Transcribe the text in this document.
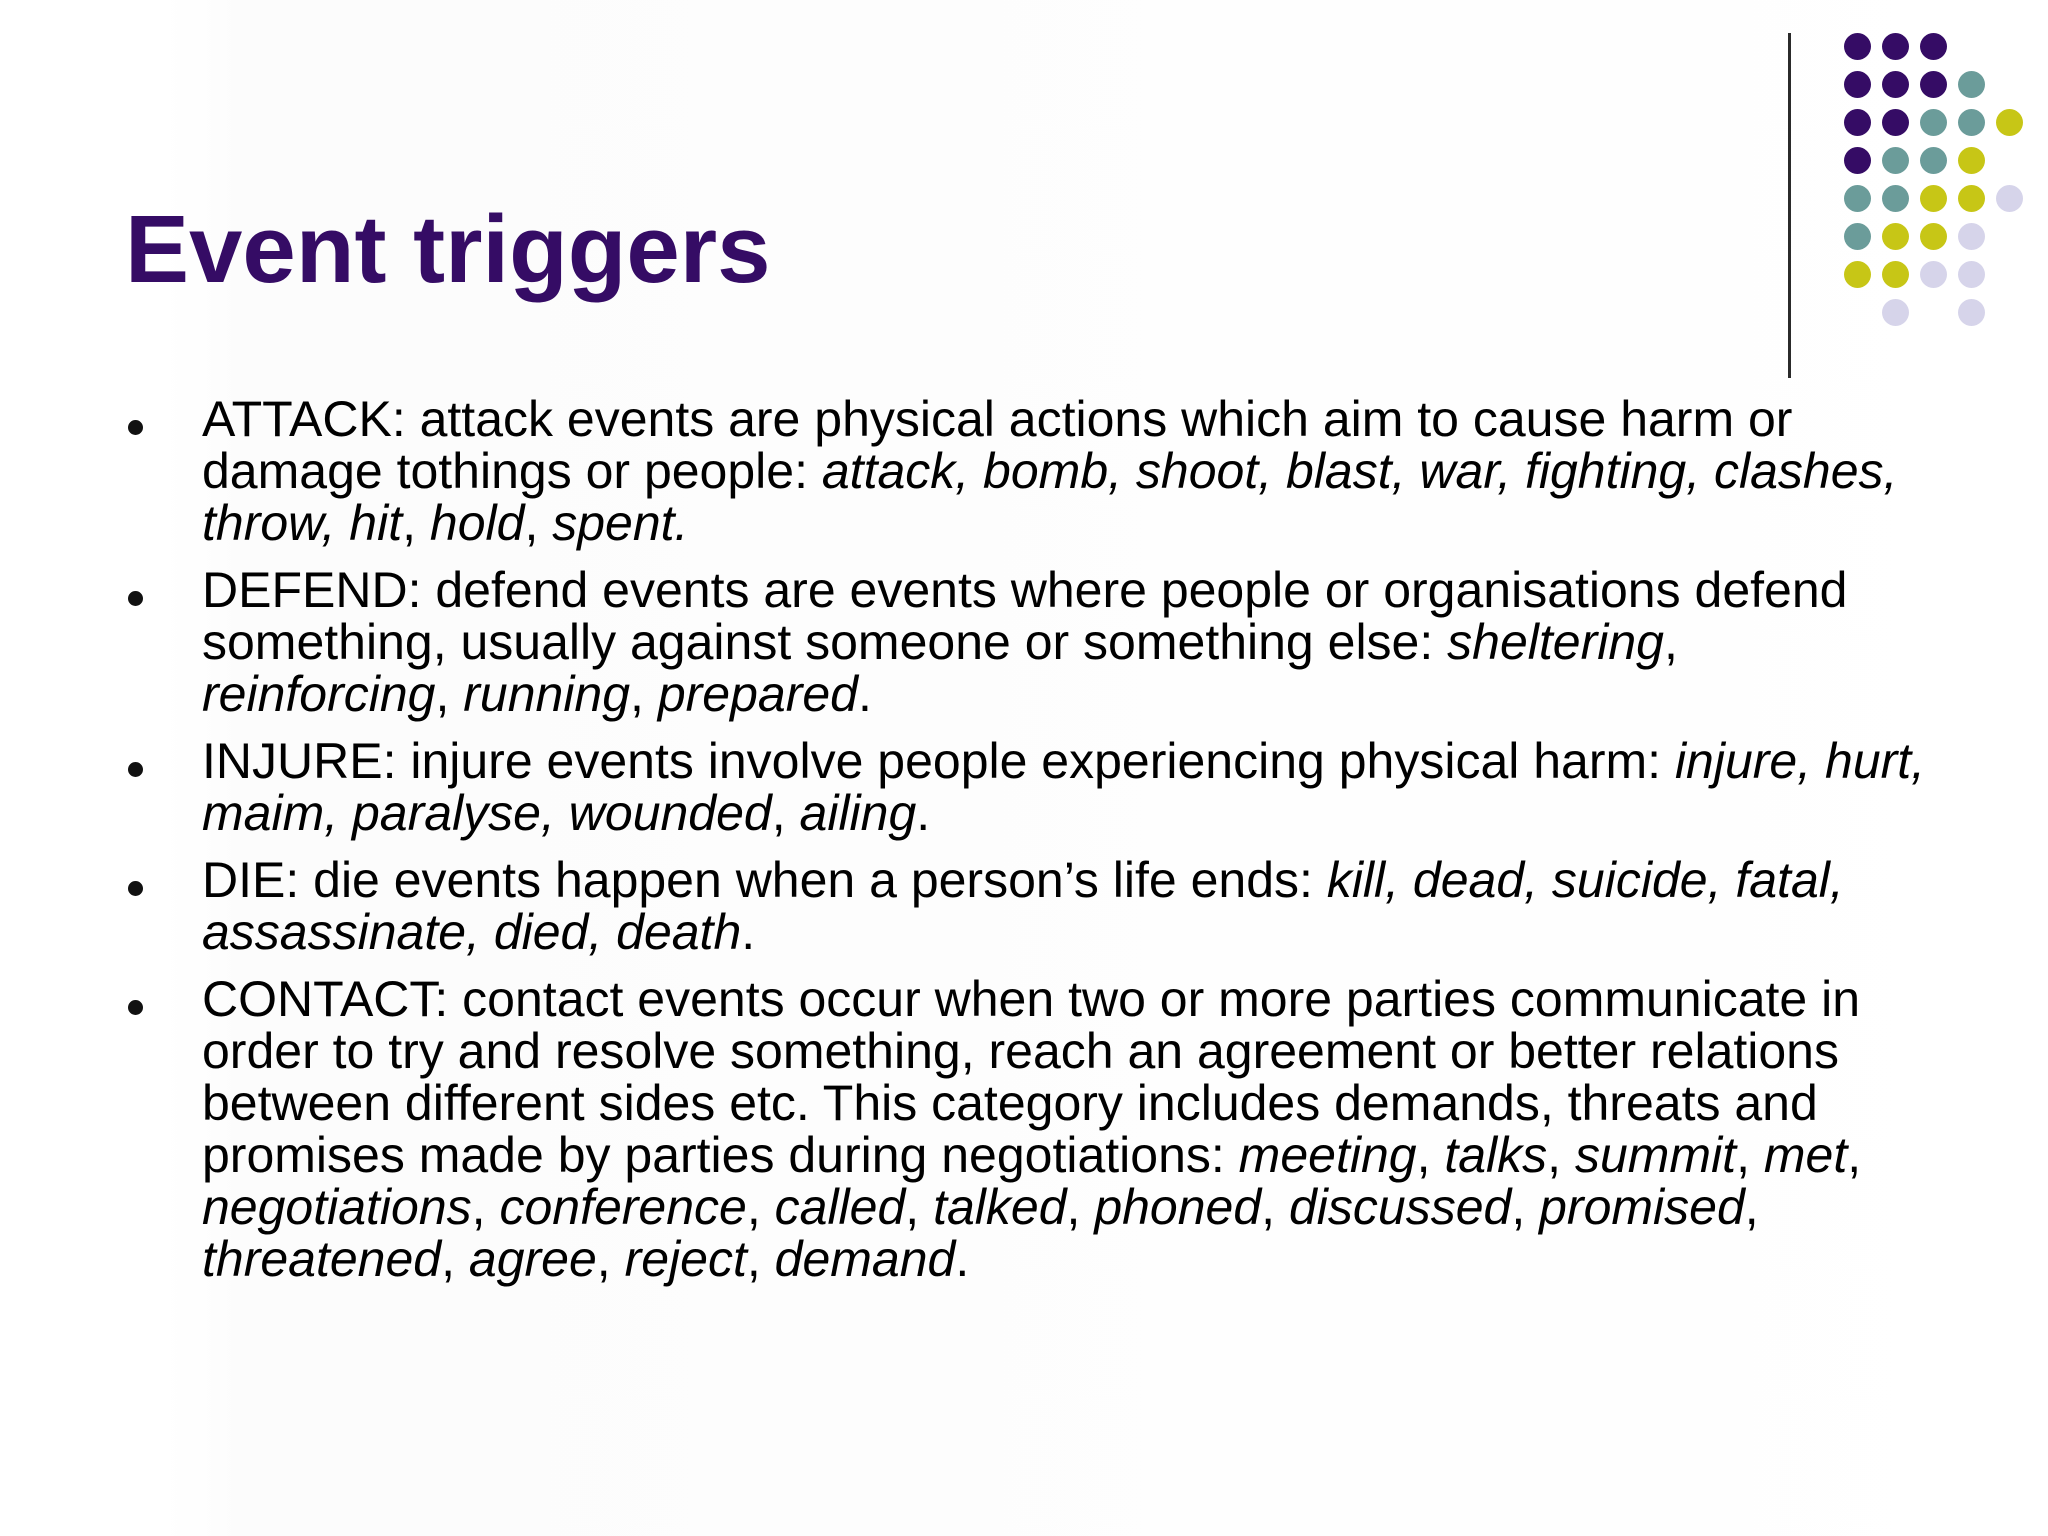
Event triggers
ATTACK: attack events are physical actions which aim to cause harm or damage tothings or people: attack, bomb, shoot, blast, war, fighting, clashes, throw, hit, hold, spent.
DEFEND: defend events are events where people or organisations defend something, usually against someone or something else: sheltering, reinforcing, running, prepared.
INJURE: injure events involve people experiencing physical harm: injure, hurt, maim, paralyse, wounded, ailing.
DIE: die events happen when a person’s life ends: kill, dead, suicide, fatal, assassinate, died, death.
CONTACT: contact events occur when two or more parties communicate in order to try and resolve something, reach an agreement or better relations between different sides etc. This category includes demands, threats and promises made by parties during negotiations: meeting, talks, summit, met, negotiations, conference, called, talked, phoned, discussed, promised, threatened, agree, reject, demand.
